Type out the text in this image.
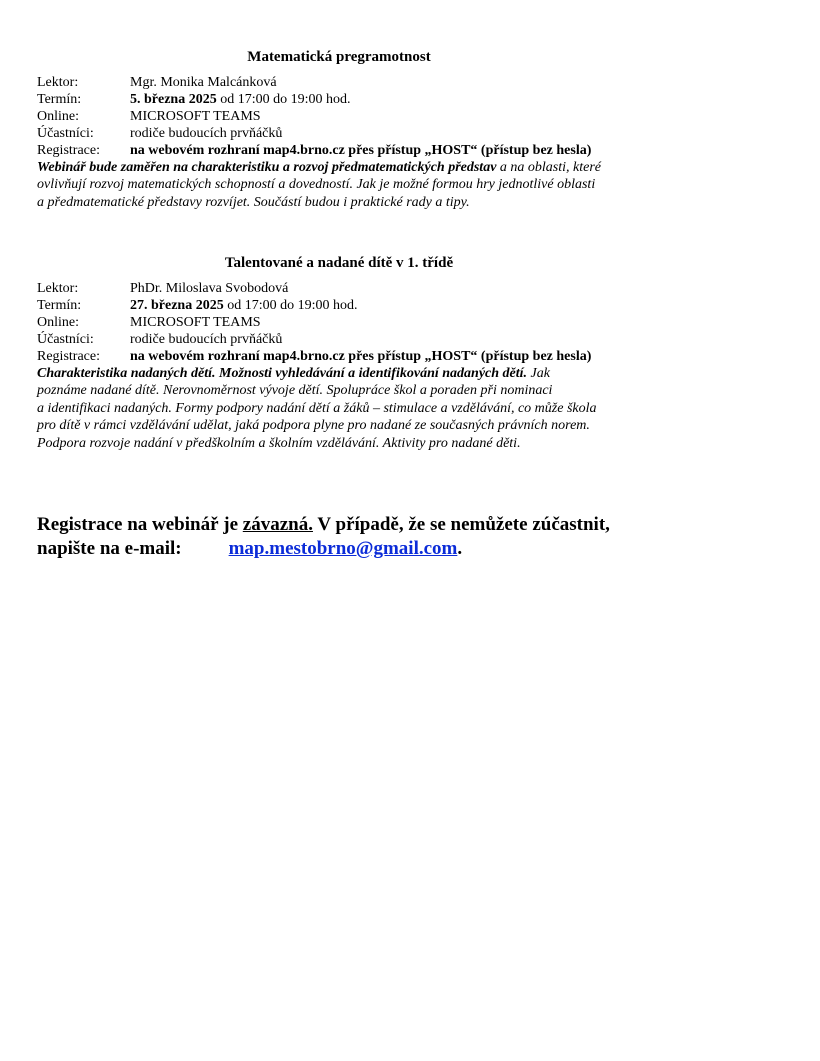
Matematická pregramotnost

Lektor:	Mgr. Monika Malcánková
Termín:	5. března 2025 od 17:00 do 19:00 hod.
Online:	MICROSOFT TEAMS
Účastníci:	rodiče budoucích prvňáčků
Registrace:	na webovém rozhraní map4.brno.cz přes přístup „HOST“ (přístup bez hesla)

Webinář bude zaměřen na charakteristiku a rozvoj předmatematických představ a na oblasti, které

ovlivňují rozvoj matematických schopností a dovedností. Jak je možné formou hry jednotlivé oblasti

a předmatematické představy rozvíjet. Součástí budou i praktické rady a tipy.

Talentované a nadané dítě v 1. třídě

Lektor:	PhDr. Miloslava Svobodová
Termín:	27. března 2025 od 17:00 do 19:00 hod.
Online:	MICROSOFT TEAMS
Účastníci:	rodiče budoucích prvňáčků
Registrace:	na webovém rozhraní map4.brno.cz přes přístup „HOST“ (přístup bez hesla)

Charakteristika nadaných dětí. Možnosti vyhledávání a identifikování nadaných dětí. Jak

poznáme nadané dítě. Nerovnoměrnost vývoje dětí. Spolupráce škol a poraden při nominaci

a identifikaci nadaných. Formy podpory nadání dětí a žáků – stimulace a vzdělávání, co může škola

pro dítě v rámci vzdělávání udělat, jaká podpora plyne pro nadané ze současných právních norem.

Podpora rozvoje nadání v předškolním a školním vzdělávání. Aktivity pro nadané děti.

Registrace na webinář je závazná. V případě, že se nemůžete zúčastnit,

napište na e-mail: map.mestobrno@gmail.com.
